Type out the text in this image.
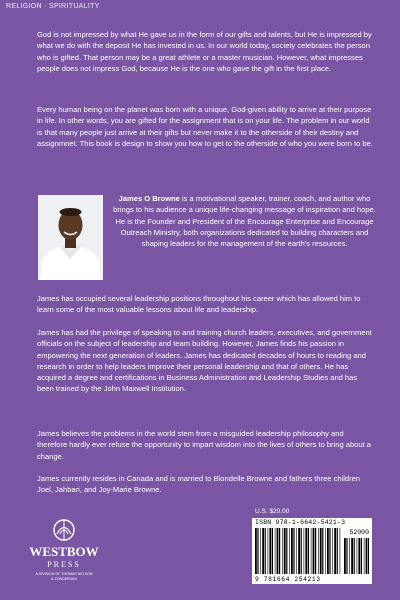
RELIGION · SPIRITUALITY

God is not impressed by what He gave us in the form of our gifts and talents, but He is impressed by what we do with the deposit He has invested in us. In our world today, society celebrates the person who is gifted. That person may be a great athlete or a master musician. However, what impresses people does not impress God, because He is the one who gave the gift in the first place.

Every human being on the planet was born with a unique, God-given ability to arrive at their purpose in life. In other words, you are gifted for the assignment that is on your life. The problem in our world is that many people just arrive at their gifts but never make it to the otherside of their destiny and assignmnet. This book is design to show you how to get to the otherside of who you were born to be.

James O Browne is a motivational speaker, trainer, coach, and author who brings to his audience a unique life-changing message of inspiration and hope. He is the Founder and President of the Encourage Enterprise and Encourage Outreach Ministry, both organizations dedicated to building characters and shaping leaders for the management of the earth's resources.

James has occupied several leadership positions throughout his career which has allowed him to learn some of the most valuable lessons about life and leadership.

James has had the privilege of speaking to and training church leaders, executives, and government officials on the subject of leadership and team building. However, James finds his passion in empowering the next generation of leaders. James has dedicated decades of hours to reading and research in order to help leaders improve their personal leadership and that of others. He has acquired a degree and certifications in Business Administration and Leadership Studies and has been trained by the John Maxwell Institution.

James believes the problems in the world stem from a misguided leadership philosophy and therefore hardly ever refuse the opportunity to impart wisdom into the lives of others to bring about a change.

James currently resides in Canada and is married to Blondelle Browne and fathers three children Joel, Jahbari, and Joy-Marie Browne.

WESTBOW
PRESS
A DIVISION OF THOMAS NELSON
& ZONDERVAN
U.S. $20.00
ISBN 978-1-6642-5421-3
52000
9 781664 254213
